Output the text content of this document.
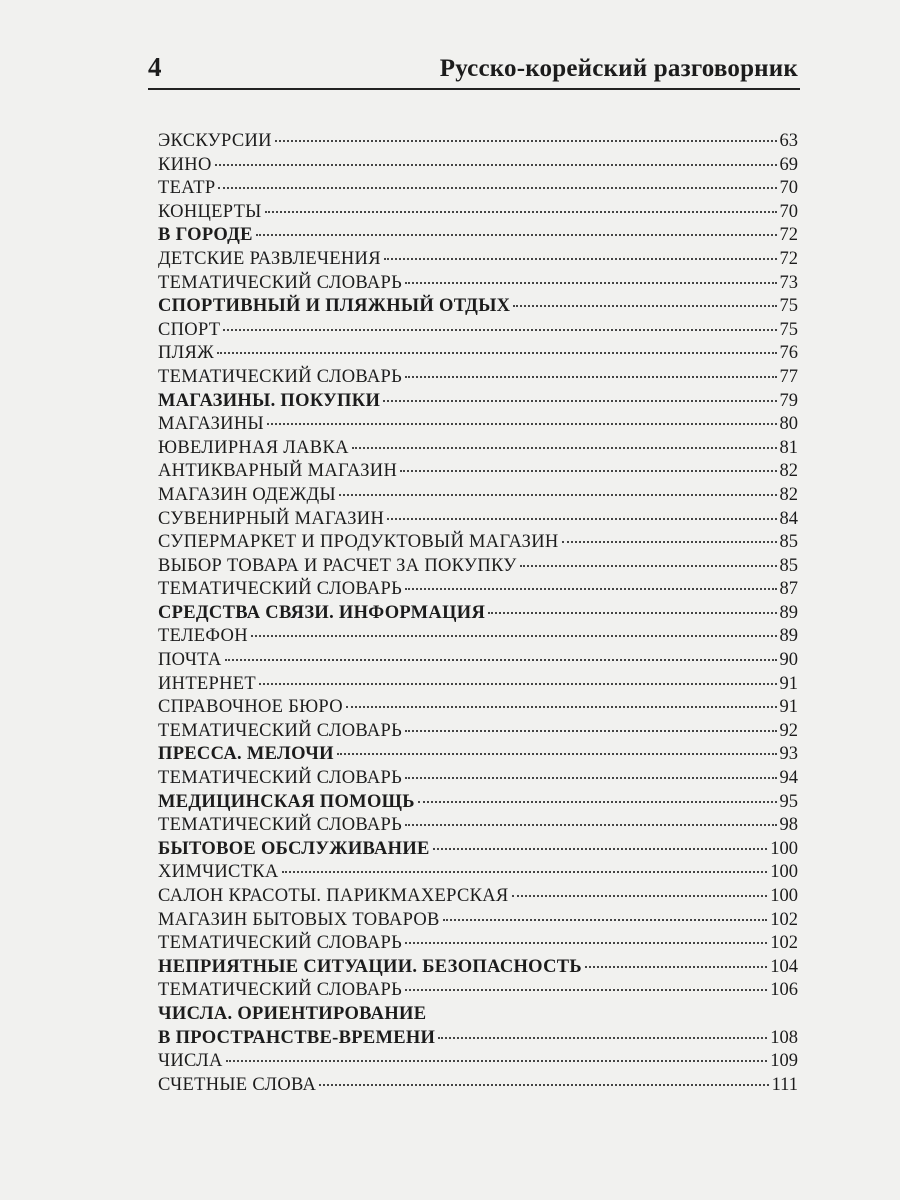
4	Русско-корейский разговорник
ЭКСКУРСИИ	63
КИНО	69
ТЕАТР	70
КОНЦЕРТЫ	70
В ГОРОДЕ	72
ДЕТСКИЕ РАЗВЛЕЧЕНИЯ	72
ТЕМАТИЧЕСКИЙ СЛОВАРЬ	73
СПОРТИВНЫЙ И ПЛЯЖНЫЙ ОТДЫХ	75
СПОРТ	75
ПЛЯЖ	76
ТЕМАТИЧЕСКИЙ СЛОВАРЬ	77
МАГАЗИНЫ. ПОКУПКИ	79
МАГАЗИНЫ	80
ЮВЕЛИРНАЯ ЛАВКА	81
АНТИКВАРНЫЙ МАГАЗИН	82
МАГАЗИН ОДЕЖДЫ	82
СУВЕНИРНЫЙ МАГАЗИН	84
СУПЕРМАРКЕТ И ПРОДУКТОВЫЙ МАГАЗИН	85
ВЫБОР ТОВАРА И РАСЧЕТ ЗА ПОКУПКУ	85
ТЕМАТИЧЕСКИЙ СЛОВАРЬ	87
СРЕДСТВА СВЯЗИ. ИНФОРМАЦИЯ	89
ТЕЛЕФОН	89
ПОЧТА	90
ИНТЕРНЕТ	91
СПРАВОЧНОЕ БЮРО	91
ТЕМАТИЧЕСКИЙ СЛОВАРЬ	92
ПРЕССА. МЕЛОЧИ	93
ТЕМАТИЧЕСКИЙ СЛОВАРЬ	94
МЕДИЦИНСКАЯ ПОМОЩЬ	95
ТЕМАТИЧЕСКИЙ СЛОВАРЬ	98
БЫТОВОЕ ОБСЛУЖИВАНИЕ	100
ХИМЧИСТКА	100
САЛОН КРАСОТЫ. ПАРИКМАХЕРСКАЯ	100
МАГАЗИН БЫТОВЫХ ТОВАРОВ	102
ТЕМАТИЧЕСКИЙ СЛОВАРЬ	102
НЕПРИЯТНЫЕ СИТУАЦИИ. БЕЗОПАСНОСТЬ	104
ТЕМАТИЧЕСКИЙ СЛОВАРЬ	106
ЧИСЛА. ОРИЕНТИРОВАНИЕ
В ПРОСТРАНСТВЕ-ВРЕМЕНИ	108
ЧИСЛА	109
СЧЕТНЫЕ СЛОВА	111
